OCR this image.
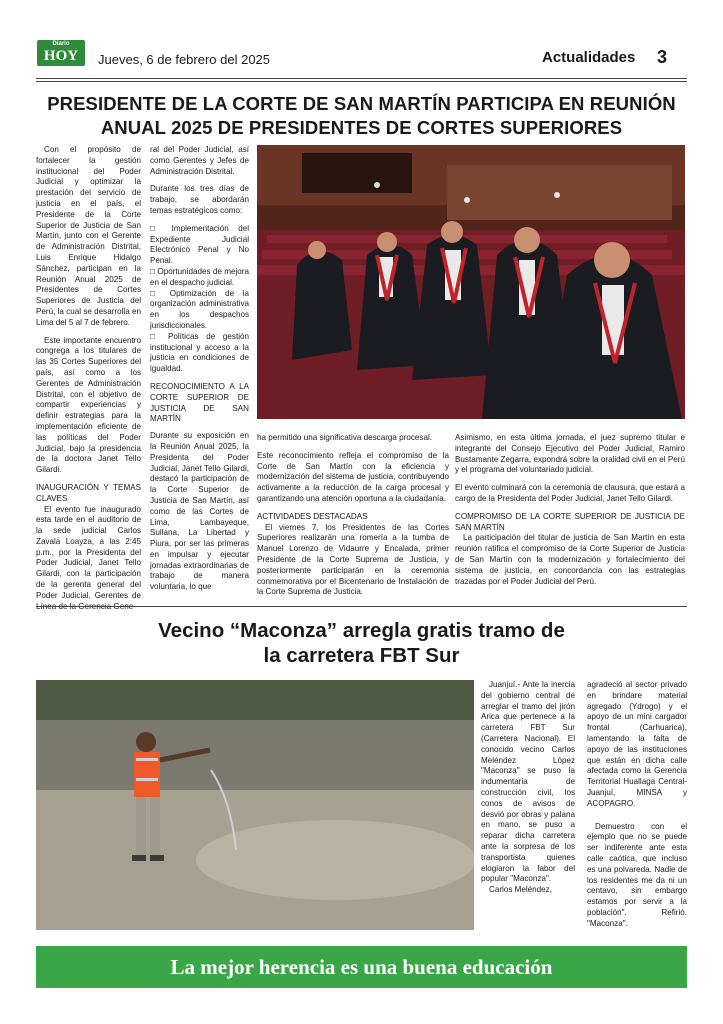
Diario
HOY	Jueves, 6 de febrero del 2025	Actualidades 3
PRESIDENTE DE LA CORTE DE SAN MARTÍN PARTICIPA EN REUNIÓN
ANUAL 2025 DE PRESIDENTES DE CORTES SUPERIORES

Con el propósito de fortalecer la gestión institucional del Poder Judicial y optimizar la prestación del servicio de justicia en el país, el Presidente de la Corte Superior de Justicia de San Martín, junto con el Gerente de Administración Distrital, Luis Enrique Hidalgo Sánchez, participan en la Reunión Anual 2025 de Presidentes de Cortes Superiores de Justicia del Perú, la cual se desarrolla en Lima del 5 al 7 de febrero.

Este importante encuentro congrega a los titulares de las 35 Cortes Superiores del país, así como a los Gerentes de Administración Distrital, con el objetivo de compartir experiencias y definir estrategias para la implementación eficiente de las políticas del Poder Judicial, bajo la presidencia de la doctora Janet Tello Gilardi.

INAUGURACIÓN Y TEMAS CLAVES

El evento fue inaugurado esta tarde en el auditorio de la sede judicial Carlos Zavala Loayza, a las 2:45 p.m., por la Presidenta del Poder Judicial, Janet Tello Gilardi, con la participación de la gerenta general del Poder Judicial, Gerentes de

ral del Poder Judicial, así como Gerentes y Jefes de Administración Distrital.

Durante los tres días de trabajo, se abordarán temas estratégicos como:

□ Implementación del Expediente Judicial Electrónico Penal y No Penal.

□ Oportunidades de mejora en el despacho judicial.

□ Optimización de la organización administrativa en los despachos jurisdiccionales.

□ Políticas de gestión institucional y acceso a la justicia en condiciones de igualdad.

RECONOCIMIENTO A LA CORTE SUPERIOR DE JUSTICIA DE SAN MARTÍN

Durante su exposición en la Reunión Anual 2025, la Presidenta del Poder Judicial, Janet Tello Gilardi, destacó la participación de la Corte Superior de Justicia de San Martín, así como de las Cortes de Lima, Lambayeque, Sullana, La Libertad y Piura, por ser las primeras en impulsar y ejecutar jornadas extraordinarias de trabajo de manera voluntaria, lo que

ha permitido una significativa descarga procesal.

Este reconocimiento refleja el compromiso de la Corte de San Martín con la eficiencia y modernización del sistema de justicia, contribuyendo activamente a la reducción de la carga procesal y garantizando una atención oportuna a la ciudadanía.

ACTIVIDADES DESTACADAS

El viernes 7, los Presidentes de las Cortes Superiores realizarán una romería a la tumba de Manuel Lorenzo de Vidaurre y Encalada, primer Presidente de la Corte Suprema de Justicia, y posteriormente participarán en la ceremonia conmemorativa por el Bicentenario de Instalación de la Corte Suprema de Justicia.

Asimismo, en esta última jornada, el juez supremo titular e integrante del Consejo Ejecutivo del Poder Judicial, Ramiro Bustamante Zegarra, expondrá sobre la oralidad civil en el Perú y el programa del voluntariado judicial.

El evento culminará con la ceremonia de clausura, que estará a cargo de la Presidenta del Poder Judicial, Janet Tello Gilardi.

COMPROMISO DE LA CORTE SUPERIOR DE JUSTICIA DE SAN MARTÍN

La participación del titular de justicia de San Martín en esta reunión ratifica el compromiso de la Corte Superior de Justicia de San Martín con la modernización y fortalecimiento del sistema de justicia, en concordancia con las estrategias trazadas por el Poder Judicial del Perú.

Vecino “Maconza” arregla gratis tramo de
la carretera FBT Sur

Juanjuí.- Ante la inercia del gobierno central de arreglar el tramo del jirón Arica que pertenece a la carretera FBT Sur (Carretera Nacional). El conocido vecino Carlos Meléndez López "Maconza" se puso la indumentaria de construcción civil, los conos de avisos de desvió por obras y palana en mano, se puso a reparar dicha carretera ante la sorpresa de los transportista quienes elogiaron la labor del popular "Maconza".

Carlos Meléndez,

agradeció al sector privado en brindare material agregado (Ydrogo) y el apoyo de un mini cargador frontal (Carhuarica), lamentando la falta de apoyo de las instituciones que están en dicha calle afectada como la Gerencia Territorial Huallaga Central-Juanjuí, MINSA y ACOPAGRO.

Demuestro con el ejemplo que no se puede ser indiferente ante esta calle caótica, que incluso es una polvareda. Nadie de los residentes me da ni un centavo, sin embargo estamos por servir a la población". Refirió. "Maconza".

La mejor herencia es una buena educación
